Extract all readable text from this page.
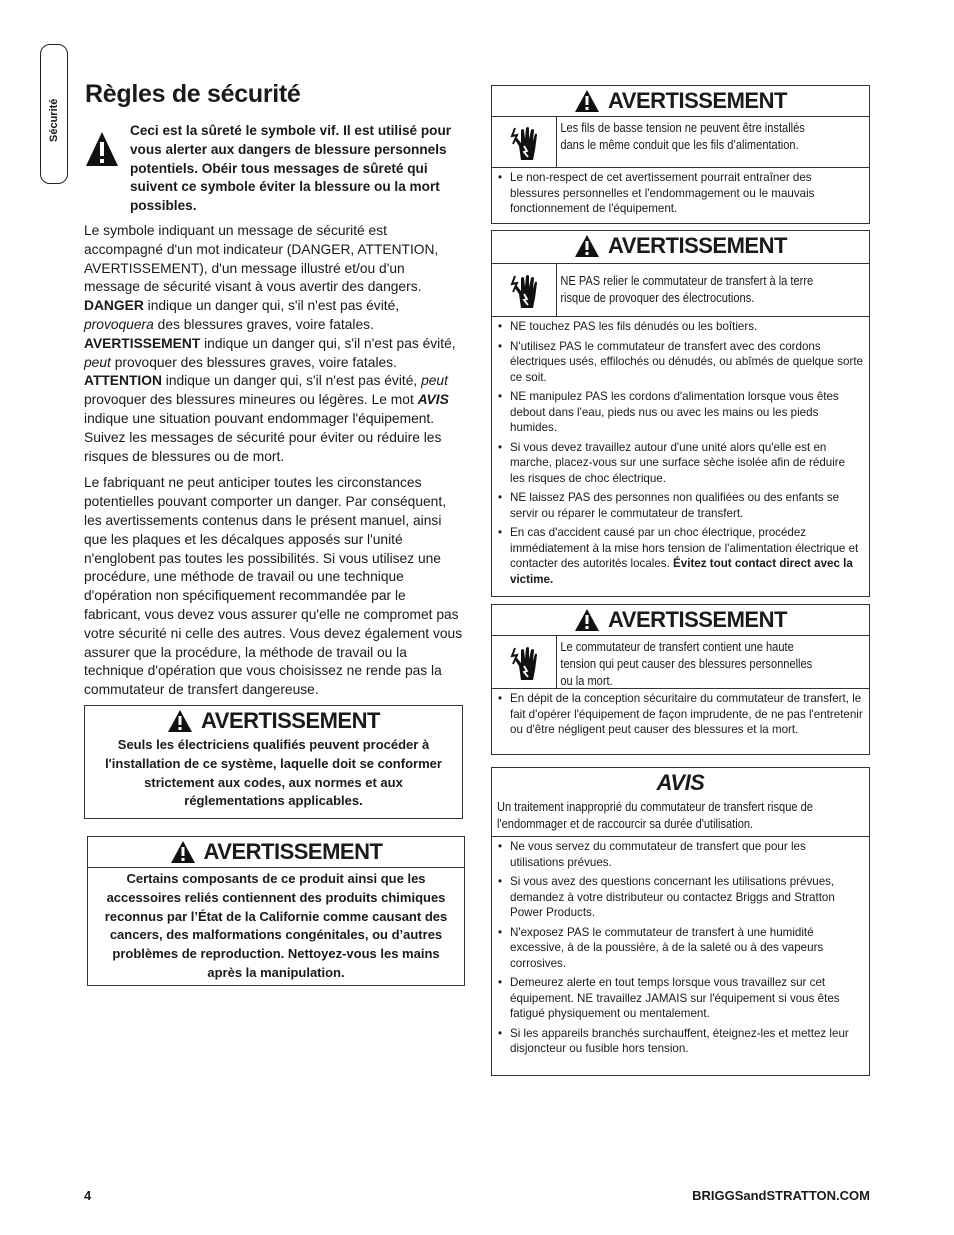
Sécurité
Règles de sécurité
Ceci est la sûreté le symbole vif. Il est utilisé pour vous alerter aux dangers de blessure personnels potentiels. Obéir tous messages de sûreté qui suivent ce symbole éviter la blessure ou la mort possibles.

Le symbole indiquant un message de sécurité est accompagné d'un mot indicateur (DANGER, ATTENTION, AVERTISSEMENT), d'un message illustré et/ou d'un message de sécurité visant à vous avertir des dangers.
DANGER indique un danger qui, s'il n'est pas évité, provoquera des blessures graves, voire fatales.
AVERTISSEMENT indique un danger qui, s'il n'est pas évité, peut provoquer des blessures graves, voire fatales.
ATTENTION indique un danger qui, s'il n'est pas évité, peut provoquer des blessures mineures ou légères. Le mot AVIS indique une situation pouvant endommager l'équipement. Suivez les messages de sécurité pour éviter ou réduire les risques de blessures ou de mort.

Le fabriquant ne peut anticiper toutes les circonstances potentielles pouvant comporter un danger. Par conséquent, les avertissements contenus dans le présent manuel, ainsi que les plaques et les décalques apposés sur l'unité n'englobent pas toutes les possibilités. Si vous utilisez une procédure, une méthode de travail ou une technique d'opération non spécifiquement recommandée par le fabricant, vous devez vous assurer qu'elle ne compromet pas votre sécurité ni celle des autres. Vous devez également vous assurer que la procédure, la méthode de travail ou la technique d'opération que vous choisissez ne rende pas la commutateur de transfert dangereuse.

AVERTISSEMENT
Seuls les électriciens qualifiés peuvent procéder à l'installation de ce système, laquelle doit se conformer strictement aux codes, aux normes et aux réglementations applicables.
AVERTISSEMENT
Certains composants de ce produit ainsi que les accessoires reliés contiennent des produits chimiques reconnus par l’État de la Californie comme causant des cancers, des malformations congénitales, ou d’autres problèmes de reproduction. Nettoyez-vous les mains après la manipulation.
AVERTISSEMENT
Les fils de basse tension ne peuvent être installés dans le même conduit que les fils d’alimentation.
• Le non-respect de cet avertissement pourrait entraîner des blessures personnelles et l'endommagement ou le mauvais fonctionnement de l'équipement.
AVERTISSEMENT
NE PAS relier le commutateur de transfert à la terre risque de provoquer des électrocutions.
• NE touchez PAS les fils dénudés ou les boîtiers.
• N'utilisez PAS le commutateur de transfert avec des cordons électriques usés, effilochés ou dénudés, ou abîmés de quelque sorte ce soit.
• NE manipulez PAS les cordons d'alimentation lorsque vous êtes debout dans l'eau, pieds nus ou avec les mains ou les pieds humides.
• Si vous devez travaillez autour d'une unité alors qu'elle est en marche, placez-vous sur une surface sèche isolée afin de réduire les risques de choc électrique.
• NE laissez PAS des personnes non qualifiées ou des enfants se servir ou réparer le commutateur de transfert.
• En cas d'accident causé par un choc électrique, procédez immédiatement à la mise hors tension de l'alimentation électrique et contacter des autorités locales. Évitez tout contact direct avec la victime.
AVERTISSEMENT
Le commutateur de transfert contient une haute tension qui peut causer des blessures personnelles ou la mort.
• En dépit de la conception sécuritaire du commutateur de transfert, le fait d'opérer l'équipement de façon imprudente, de ne pas l'entretenir ou d'être négligent peut causer des blessures et la mort.
AVIS
Un traitement inapproprié du commutateur de transfert risque de l'endommager et de raccourcir sa durée d'utilisation.
• Ne vous servez du commutateur de transfert que pour les utilisations prévues.
• Si vous avez des questions concernant les utilisations prévues, demandez à votre distributeur ou contactez Briggs and Stratton Power Products.
• N'exposez PAS le commutateur de transfert à une humidité excessive, à de la poussière, à de la saleté ou à des vapeurs corrosives.
• Demeurez alerte en tout temps lorsque vous travaillez sur cet équipement. NE travaillez JAMAIS sur l'équipement si vous êtes fatigué physiquement ou mentalement.
• Si les appareils branchés surchauffent, éteignez-les et mettez leur disjoncteur ou fusible hors tension.
4	BRIGGSandSTRATTON.COM
